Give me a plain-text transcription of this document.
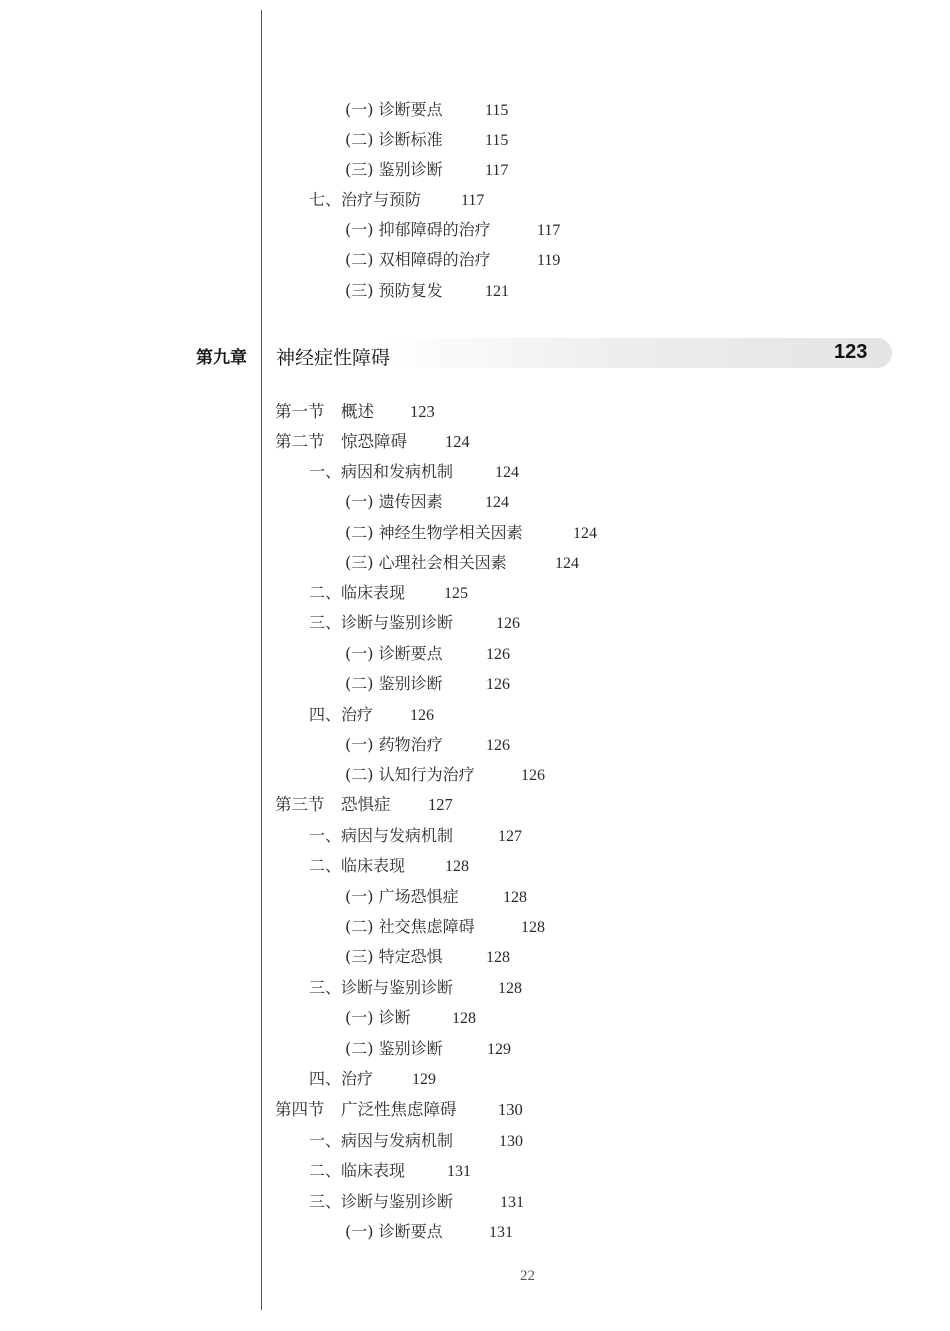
(一) 诊断要点	115
(二) 诊断标准	115
(三) 鉴别诊断	117
七、治疗与预防 117
(一) 抑郁障碍的治疗	117
(二) 双相障碍的治疗	119
(三) 预防复发	121
第九章 神经症性障碍	123
第一节　概述 123
第二节　惊恐障碍 124
一、病因和发病机制	124
(一) 遗传因素	124
(二) 神经生物学相关因素	124
(三) 心理社会相关因素	124
二、临床表现 125
三、诊断与鉴别诊断	126
(一) 诊断要点	126
(二) 鉴别诊断	126
四、治疗 126
(一) 药物治疗	126
(二) 认知行为治疗	126
第三节　恐惧症 127
一、病因与发病机制	127
二、临床表现 128
(一) 广场恐惧症	128
(二) 社交焦虑障碍	128
(三) 特定恐惧	128
三、诊断与鉴别诊断	128
(一) 诊断	128
(二) 鉴别诊断	129
四、治疗 129
第四节　广泛性焦虑障碍	130
一、病因与发病机制	130
二、临床表现	131
三、诊断与鉴别诊断	131
(一) 诊断要点	131
22
